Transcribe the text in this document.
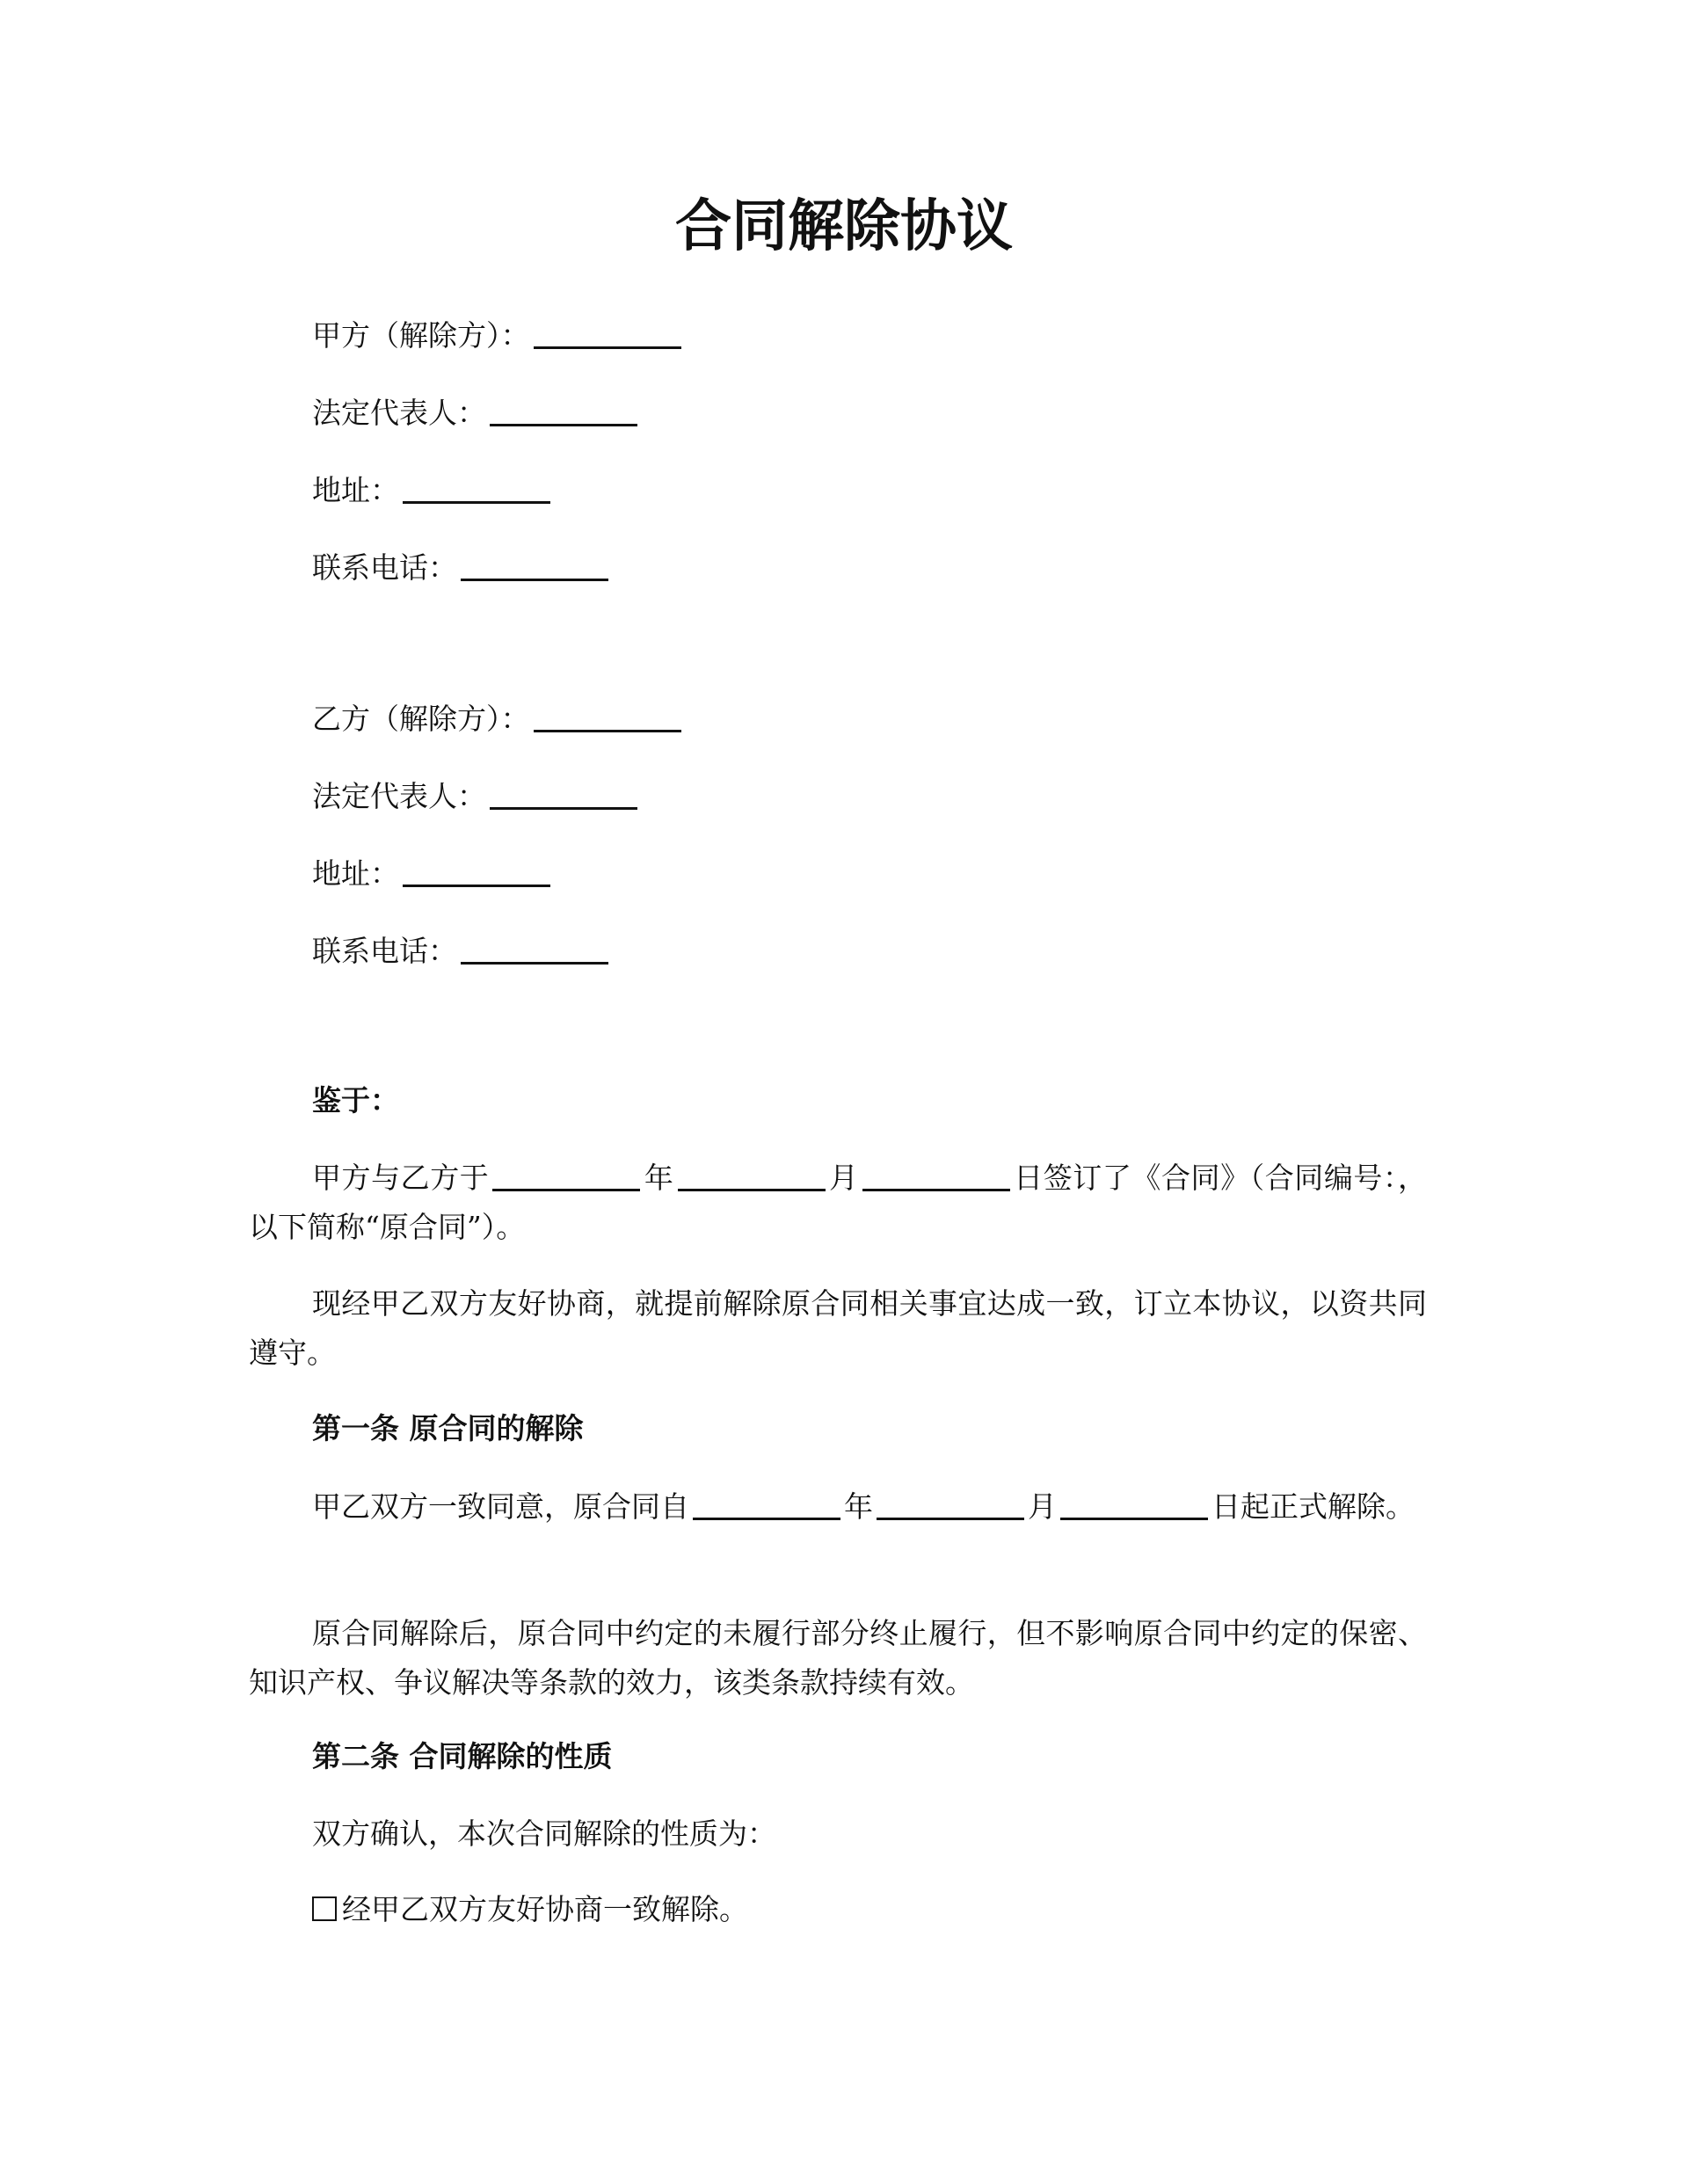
合同解除协议
甲方（解除方）：
法定代表人：
地址：
联系电话：
乙方（解除方）：
法定代表人：
地址：
联系电话：
鉴于：
甲方与乙方于	年	月	日签订了《合同》（合同编号：，以下简称“原合同”）。
现经甲乙双方友好协商，就提前解除原合同相关事宜达成一致，订立本协议，以资共同遵守。
第一条 原合同的解除
甲乙双方一致同意，原合同自	年	月	日起正式解除。
原合同解除后，原合同中约定的未履行部分终止履行，但不影响原合同中约定的保密、知识产权、争议解决等条款的效力，该类条款持续有效。
第二条 合同解除的性质
双方确认，本次合同解除的性质为：
经甲乙双方友好协商一致解除。
